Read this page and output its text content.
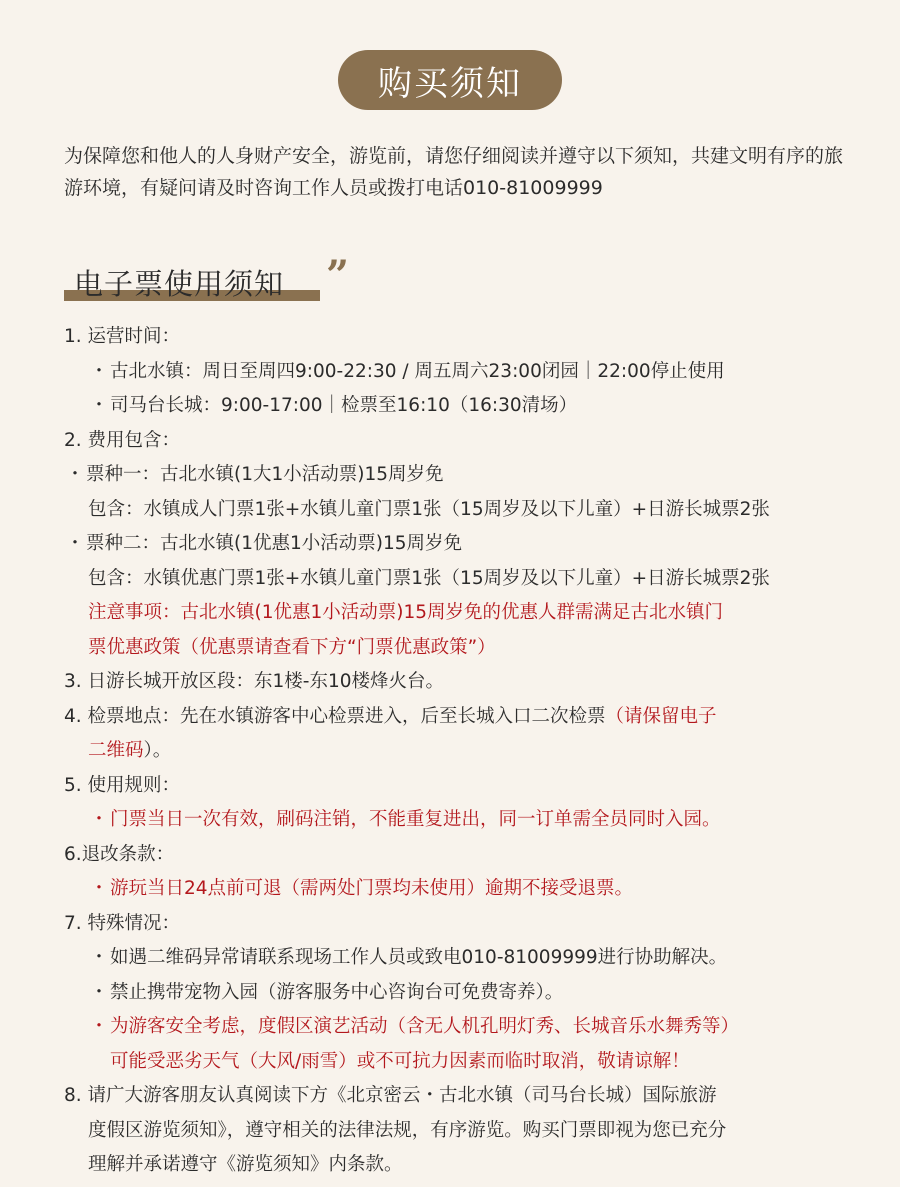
购买须知
为保障您和他人的人身财产安全，游览前，请您仔细阅读并遵守以下须知，共建文明有序的旅游环境，有疑问请及时咨询工作人员或拨打电话010-81009999
电子票使用须知 ”

1. 运营时间：

・古北水镇：周日至周四9:00-22:30 / 周五周六23:00闭园｜22:00停止使用

・司马台长城：9:00-17:00｜检票至16:10（16:30清场）

2. 费用包含：

・票种一：古北水镇(1大1小活动票)15周岁免

包含：水镇成人门票1张+水镇儿童门票1张（15周岁及以下儿童）+日游长城票2张

・票种二：古北水镇(1优惠1小活动票)15周岁免

包含：水镇优惠门票1张+水镇儿童门票1张（15周岁及以下儿童）+日游长城票2张

注意事项：古北水镇(1优惠1小活动票)15周岁免的优惠人群需满足古北水镇门

票优惠政策（优惠票请查看下方“门票优惠政策”）

3. 日游长城开放区段：东1楼-东10楼烽火台。

4. 检票地点：先在水镇游客中心检票进入，后至长城入口二次检票（请保留电子

二维码）。

5. 使用规则：

・门票当日一次有效，刷码注销，不能重复进出，同一订单需全员同时入园。

6.退改条款：

・游玩当日24点前可退（需两处门票均未使用）逾期不接受退票。

7. 特殊情况：

・如遇二维码异常请联系现场工作人员或致电010-81009999进行协助解决。

・禁止携带宠物入园（游客服务中心咨询台可免费寄养）。

・为游客安全考虑，度假区演艺活动（含无人机孔明灯秀、长城音乐水舞秀等）

可能受恶劣天气（大风/雨雪）或不可抗力因素而临时取消，敬请谅解！

8. 请广大游客朋友认真阅读下方《北京密云・古北水镇（司马台长城）国际旅游

度假区游览须知》，遵守相关的法律法规，有序游览。购买门票即视为您已充分

理解并承诺遵守《游览须知》内条款。
